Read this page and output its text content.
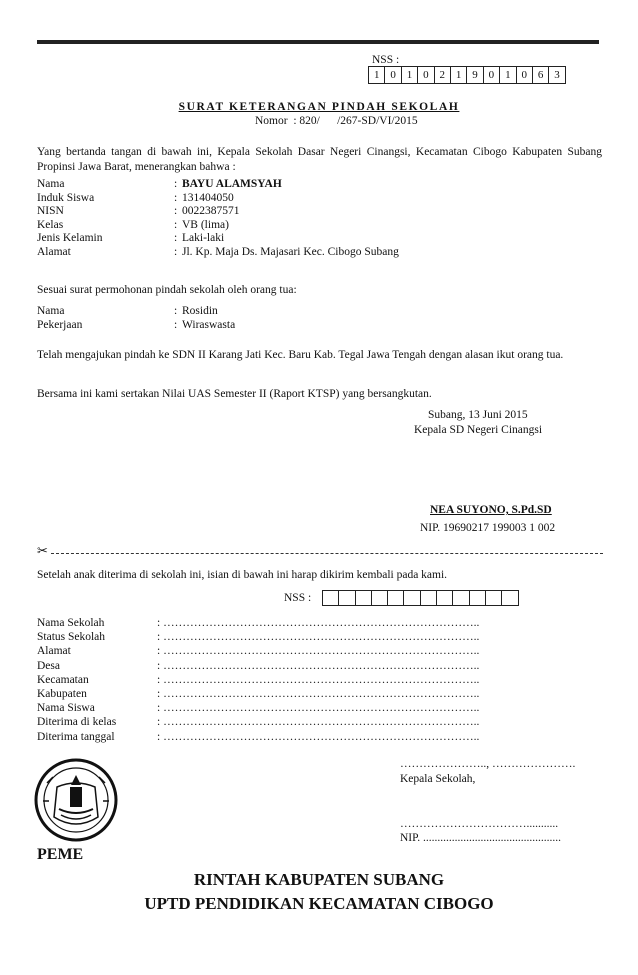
NSS :
1 0 1 0 2 1 9 0 1 0 6 3
SURAT KETERANGAN PINDAH SEKOLAH
Nomor  : 820/      /267-SD/VI/2015
Yang bertanda tangan di bawah ini, Kepala Sekolah Dasar Negeri Cinangsi, Kecamatan Cibogo Kabupaten Subang Propinsi Jawa Barat, menerangkan bahwa :
Nama	: BAYU ALAMSYAH
Induk Siswa	: 131404050
NISN	: 0022387571
Kelas	: VB (lima)
Jenis Kelamin	: Laki-laki
Alamat	: Jl. Kp. Maja Ds. Majasari Kec. Cibogo Subang
Sesuai surat permohonan pindah sekolah oleh orang tua:
Nama	: Rosidin
Pekerjaan	: Wiraswasta
Telah mengajukan pindah ke SDN II Karang Jati Kec. Baru Kab. Tegal Jawa Tengah dengan alasan ikut orang tua.
Bersama ini kami sertakan Nilai UAS Semester II (Raport KTSP) yang bersangkutan.
Subang, 13 Juni 2015
Kepala SD Negeri Cinangsi
NEA SUYONO, S.Pd.SD
NIP. 19690217 199003 1 002
✂
Setelah anak diterima di sekolah ini, isian di bawah ini harap dikirim kembali pada kami.
NSS :
Nama Sekolah	: ………………………………………………………………………..
Status Sekolah	: ………………………………………………………………………..
Alamat	: ………………………………………………………………………..
Desa	: ………………………………………………………………………..
Kecamatan	: ………………………………………………………………………..
Kabupaten	: ………………………………………………………………………..
Nama Siswa	: ………………………………………………………………………..
Diterima di kelas	: ………………………………………………………………………..
Diterima tanggal	: ………………………………………………………………………..
………………….., ………………….
Kepala Sekolah,
……………………………...........
NIP. ................................................
PEME
RINTAH KABUPATEN SUBANG
UPTD PENDIDIKAN KECAMATAN CIBOGO
